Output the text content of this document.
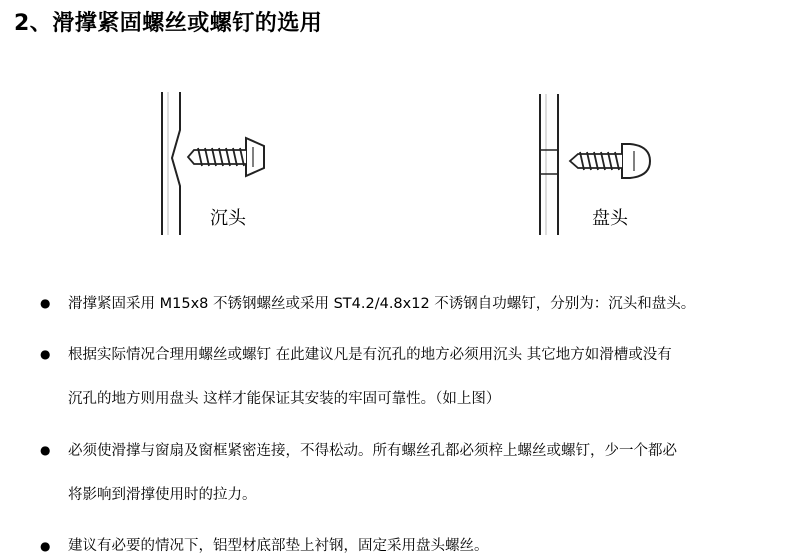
2、滑撑紧固螺丝或螺钉的选用
沉头	盘头
● 滑撑紧固采用 M15x8 不锈钢螺丝或采用 ST4.2/4.8x12 不诱钢自功螺钉，分别为：沉头和盘头。
● 根据实际情况合理用螺丝或螺钉 在此建议凡是有沉孔的地方必须用沉头 其它地方如滑槽或没有
沉孔的地方则用盘头 这样才能保证其安装的牢固可靠性。（如上图）
● 必须使滑撑与窗扇及窗框紧密连接，不得松动。所有螺丝孔都必须梓上螺丝或螺钉，少一个都必
将影响到滑撑使用时的拉力。
● 建议有必要的情况下，铝型材底部垫上衬钢，固定采用盘头螺丝。
